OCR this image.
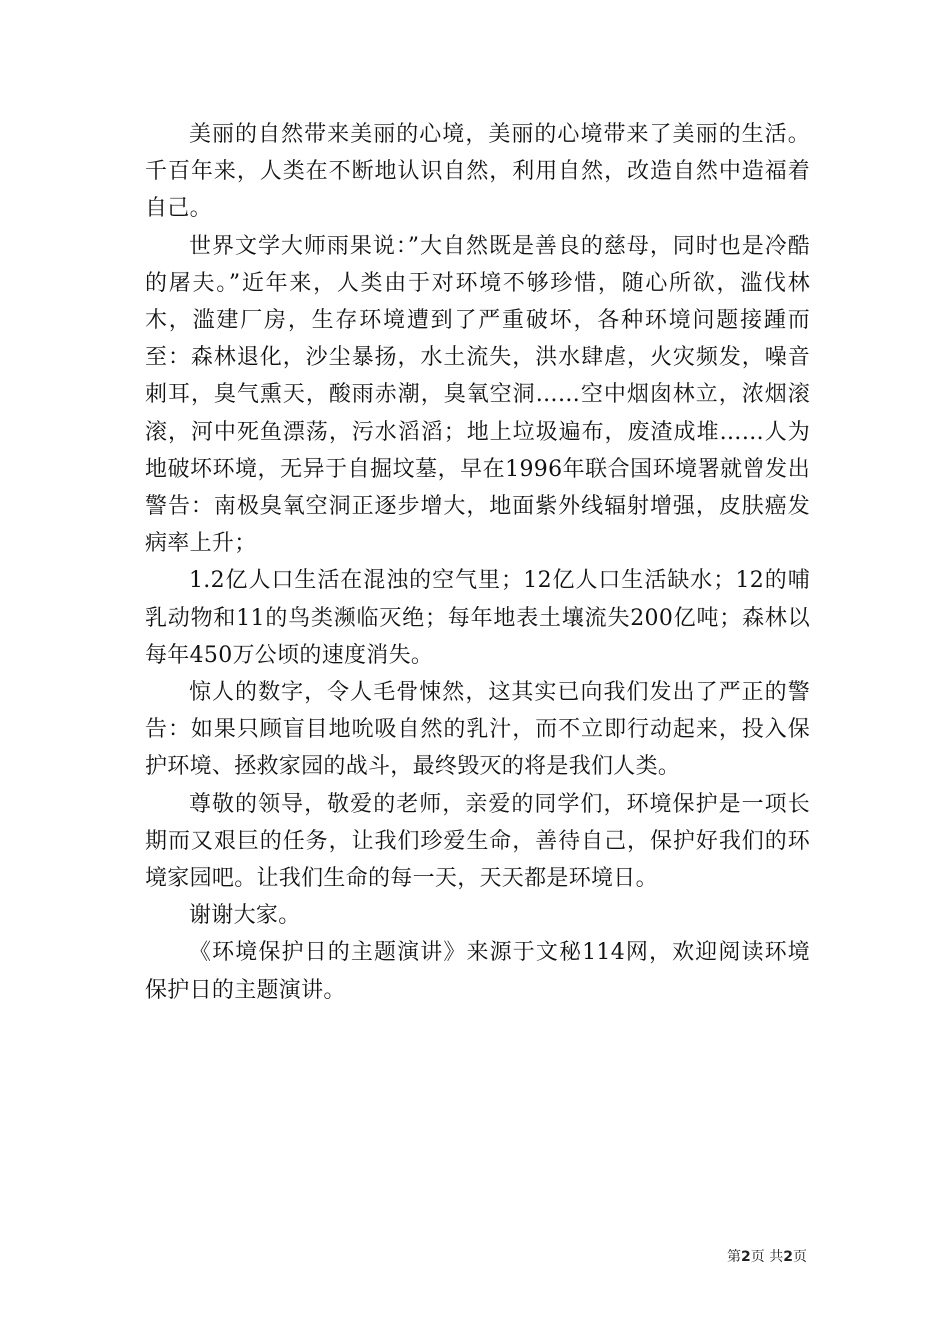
美丽的自然带来美丽的心境，美丽的心境带来了美丽的生活。千百年来，人类在不断地认识自然，利用自然，改造自然中造福着自己。

世界文学大师雨果说：”大自然既是善良的慈母，同时也是冷酷的屠夫。”近年来，人类由于对环境不够珍惜，随心所欲，滥伐林木，滥建厂房，生存环境遭到了严重破坏，各种环境问题接踵而至：森林退化，沙尘暴扬，水土流失，洪水肆虐，火灾频发，噪音刺耳，臭气熏天，酸雨赤潮，臭氧空洞……空中烟囱林立，浓烟滚滚，河中死鱼漂荡，污水滔滔；地上垃圾遍布，废渣成堆……人为地破坏环境，无异于自掘坟墓，早在1996年联合国环境署就曾发出警告：南极臭氧空洞正逐步增大，地面紫外线辐射增强，皮肤癌发病率上升；

1.2亿人口生活在混浊的空气里；12亿人口生活缺水；12的哺乳动物和11的鸟类濒临灭绝；每年地表土壤流失200亿吨；森林以每年450万公顷的速度消失。

惊人的数字，令人毛骨悚然，这其实已向我们发出了严正的警告：如果只顾盲目地吮吸自然的乳汁，而不立即行动起来，投入保护环境、拯救家园的战斗，最终毁灭的将是我们人类。

尊敬的领导，敬爱的老师，亲爱的同学们，环境保护是一项长期而又艰巨的任务，让我们珍爱生命，善待自己，保护好我们的环境家园吧。让我们生命的每一天，天天都是环境日。

谢谢大家。

《环境保护日的主题演讲》来源于文秘114网，欢迎阅读环境保护日的主题演讲。

第2页 共2页
